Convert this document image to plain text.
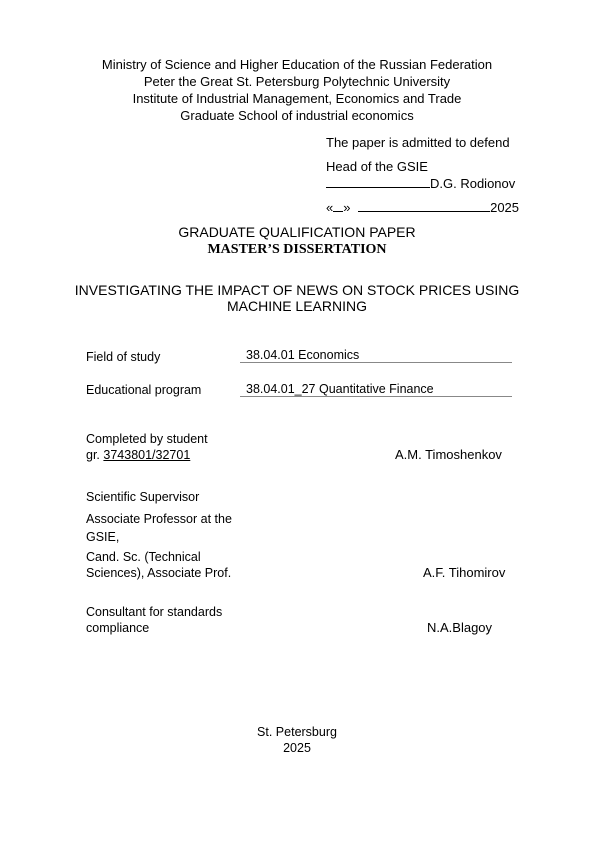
Ministry of Science and Higher Education of the Russian Federation
Peter the Great St. Petersburg Polytechnic University
Institute of Industrial Management, Economics and Trade
Graduate School of industrial economics
The paper is admitted to defend
Head of the GSIE
D.G. Rodionov
« »	2025
GRADUATE QUALIFICATION PAPER
MASTER’S DISSERTATION
INVESTIGATING THE IMPACT OF NEWS ON STOCK PRICES USING
MACHINE LEARNING
Field of study	38.04.01 Economics
Educational program	38.04.01_27 Quantitative Finance
Completed by student
gr. 3743801/32701	A.M. Timoshenkov
Scientific Supervisor
Associate Professor at the
GSIE,
Cand. Sc. (Technical
Sciences), Associate Prof.	A.F. Tihomirov
Consultant for standards
compliance	N.A.Blagoy
St. Petersburg
2025
